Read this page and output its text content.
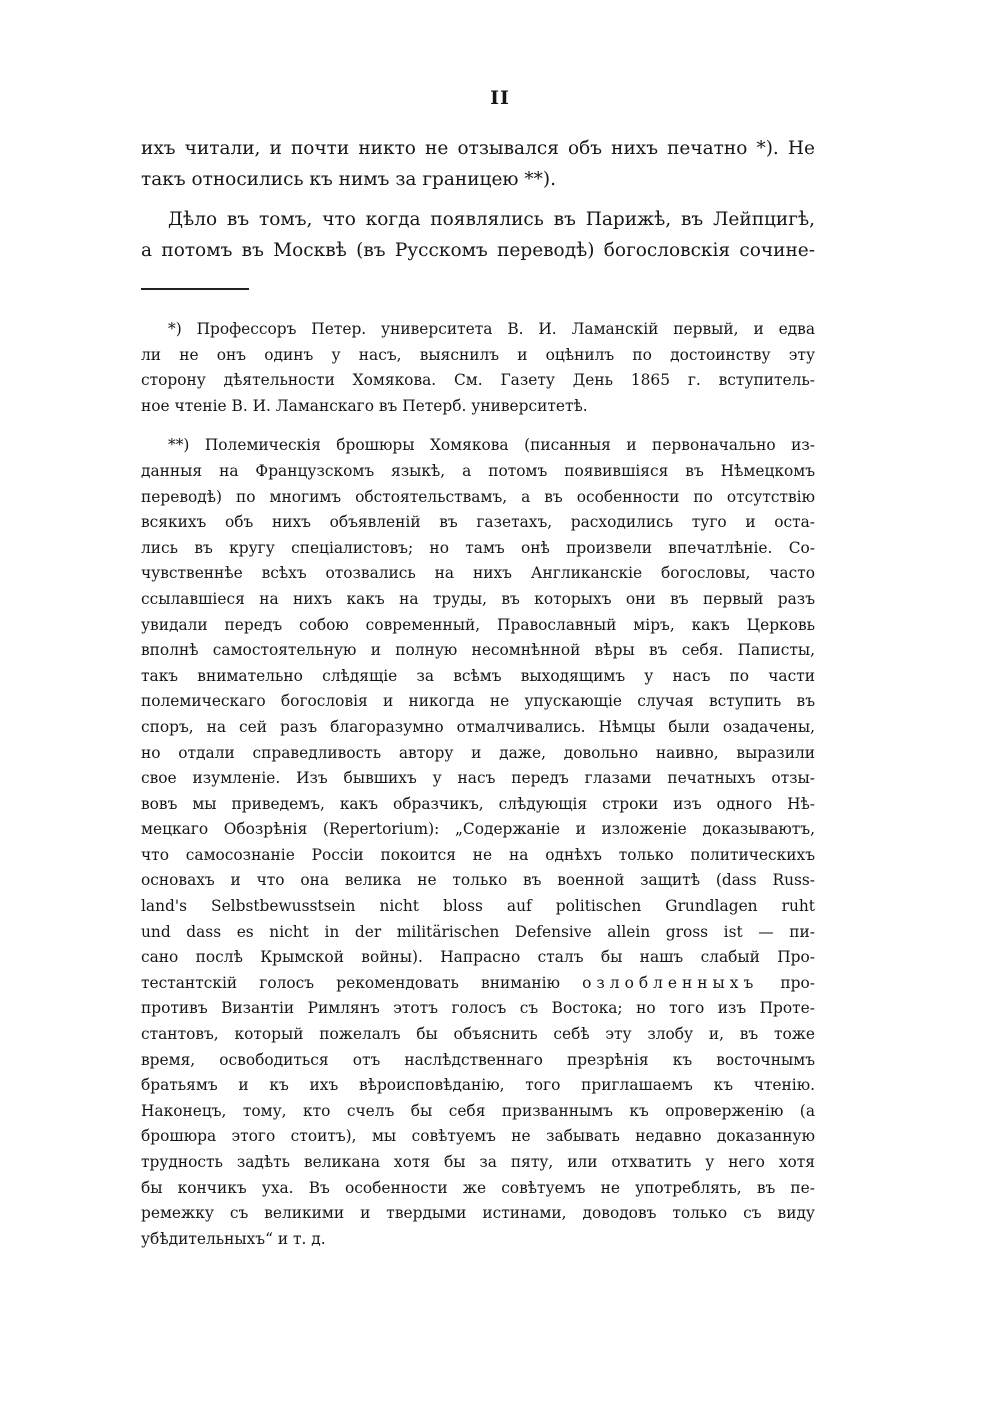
II
ихъ читали, и почти никто не отзывался объ нихъ печатно *). Не
такъ относились къ нимъ за границею **).
Дѣло въ томъ, что когда появлялись въ Парижѣ, въ Лейпцигѣ,
а потомъ въ Москвѣ (въ Русскомъ переводѣ) богословскія сочине-
*) Профессоръ Петер. университета В. И. Ламанскій первый, и едва
ли не онъ одинъ у насъ, выяснилъ и оцѣнилъ по достоинству эту
сторону дѣятельности Хомякова. См. Газету День 1865 г. вступитель-
ное чтеніе В. И. Ламанскаго въ Петерб. университетѣ.
**) Полемическія брошюры Хомякова (писанныя и первоначально из-
данныя на Французскомъ языкѣ, а потомъ появившіяся въ Нѣмецкомъ
переводѣ) по многимъ обстоятельствамъ, а въ особенности по отсутствію
всякихъ объ нихъ объявленій въ газетахъ, расходились туго и оста-
лись въ кругу спеціалистовъ; но тамъ онѣ произвели впечатлѣніе. Со-
чувственнѣе всѣхъ отозвались на нихъ Англиканскіе богословы, часто
ссылавшіеся на нихъ какъ на труды, въ которыхъ они въ первый разъ
увидали передъ собою современный, Православный міръ, какъ Церковь
вполнѣ самостоятельную и полную несомнѣнной вѣры въ себя. Паписты,
такъ внимательно слѣдящіе за всѣмъ выходящимъ у насъ по части
полемическаго богословія и никогда не упускающіе случая вступить въ
споръ, на сей разъ благоразумно отмалчивались. Нѣмцы были озадачены,
но отдали справедливость автору и даже, довольно наивно, выразили
свое изумленіе. Изъ бывшихъ у насъ передъ глазами печатныхъ отзы-
вовъ мы приведемъ, какъ образчикъ, слѣдующія строки изъ одного Нѣ-
мецкаго Обозрѣнія (Repertorium): „Содержаніе и изложеніе доказываютъ,
что самосознаніе Россіи покоится не на однѣхъ только политическихъ
основахъ и что она велика не только въ военной защитѣ (dass Russ-
land's Selbstbewusstsein nicht bloss auf politischen Grundlagen ruht
und dass es nicht in der militärischen Defensive allein gross ist — пи-
сано послѣ Крымской войны). Напрасно сталъ бы нашъ слабый Про-
тестантскій голосъ рекомендовать вниманію озлобленныхъ про-
противъ Византіи Римлянъ этотъ голосъ съ Востока; но того изъ Проте-
стантовъ, который пожелалъ бы объяснить себѣ эту злобу и, въ тоже
время, освободиться отъ наслѣдственнаго презрѣнія къ восточнымъ
братьямъ и къ ихъ вѣроисповѣданію, того приглашаемъ къ чтенію.
Наконецъ, тому, кто счелъ бы себя призваннымъ къ опроверженію (а
брошюра этого стоитъ), мы совѣтуемъ не забывать недавно доказанную
трудность задѣть великана хотя бы за пяту, или отхватить у него хотя
бы кончикъ уха. Въ особенности же совѣтуемъ не употреблять, въ пе-
ремежку съ великими и твердыми истинами, доводовъ только съ виду
убѣдительныхъ“ и т. д.
